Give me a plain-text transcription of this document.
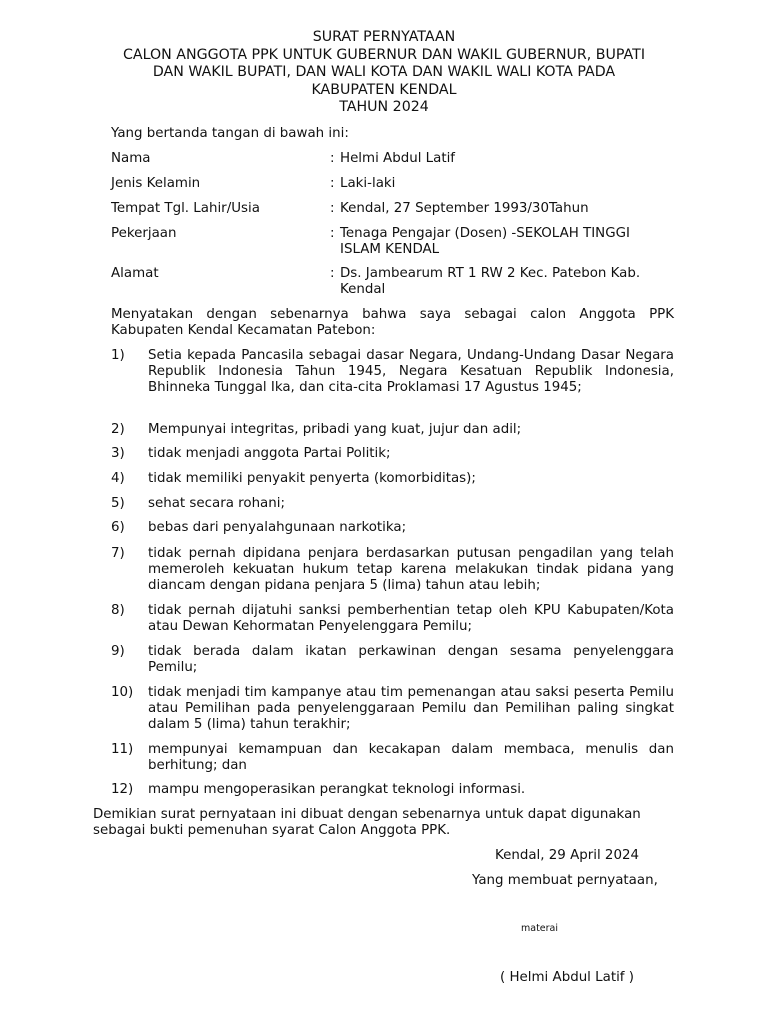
SURAT PERNYATAAN
CALON ANGGOTA PPK UNTUK GUBERNUR DAN WAKIL GUBERNUR, BUPATI
DAN WAKIL BUPATI, DAN WALI KOTA DAN WAKIL WALI KOTA PADA
KABUPATEN KENDAL
TAHUN 2024
Yang bertanda tangan di bawah ini:
Nama	: Helmi Abdul Latif
Jenis Kelamin	: Laki-laki
Tempat Tgl. Lahir/Usia	: Kendal, 27 September 1993/30Tahun
Pekerjaan	: Tenaga Pengajar (Dosen) -SEKOLAH TINGGI
ISLAM KENDAL
Alamat	: Ds. Jambearum RT 1 RW 2 Kec. Patebon Kab.
Kendal
Menyatakan dengan sebenarnya bahwa saya sebagai calon Anggota PPK Kabupaten Kendal Kecamatan Patebon:
1)	Setia kepada Pancasila sebagai dasar Negara, Undang-Undang Dasar Negara Republik Indonesia Tahun 1945, Negara Kesatuan Republik Indonesia, Bhinneka Tunggal Ika, dan cita-cita Proklamasi 17 Agustus 1945;
2)	Mempunyai integritas, pribadi yang kuat, jujur dan adil;
3)	tidak menjadi anggota Partai Politik;
4)	tidak memiliki penyakit penyerta (komorbiditas);
5)	sehat secara rohani;
6)	bebas dari penyalahgunaan narkotika;
7)	tidak pernah dipidana penjara berdasarkan putusan pengadilan yang telah memeroleh kekuatan hukum tetap karena melakukan tindak pidana yang diancam dengan pidana penjara 5 (lima) tahun atau lebih;
8)	tidak pernah dijatuhi sanksi pemberhentian tetap oleh KPU Kabupaten/Kota atau Dewan Kehormatan Penyelenggara Pemilu;
9)	tidak berada dalam ikatan perkawinan dengan sesama penyelenggara Pemilu;
10)	tidak menjadi tim kampanye atau tim pemenangan atau saksi peserta Pemilu atau Pemilihan pada penyelenggaraan Pemilu dan Pemilihan paling singkat dalam 5 (lima) tahun terakhir;
11)	mempunyai kemampuan dan kecakapan dalam membaca, menulis dan berhitung; dan
12)	mampu mengoperasikan perangkat teknologi informasi.
Demikian surat pernyataan ini dibuat dengan sebenarnya untuk dapat digunakan sebagai bukti pemenuhan syarat Calon Anggota PPK.
Kendal, 29 April 2024
Yang membuat pernyataan,
materai
( Helmi Abdul Latif )
